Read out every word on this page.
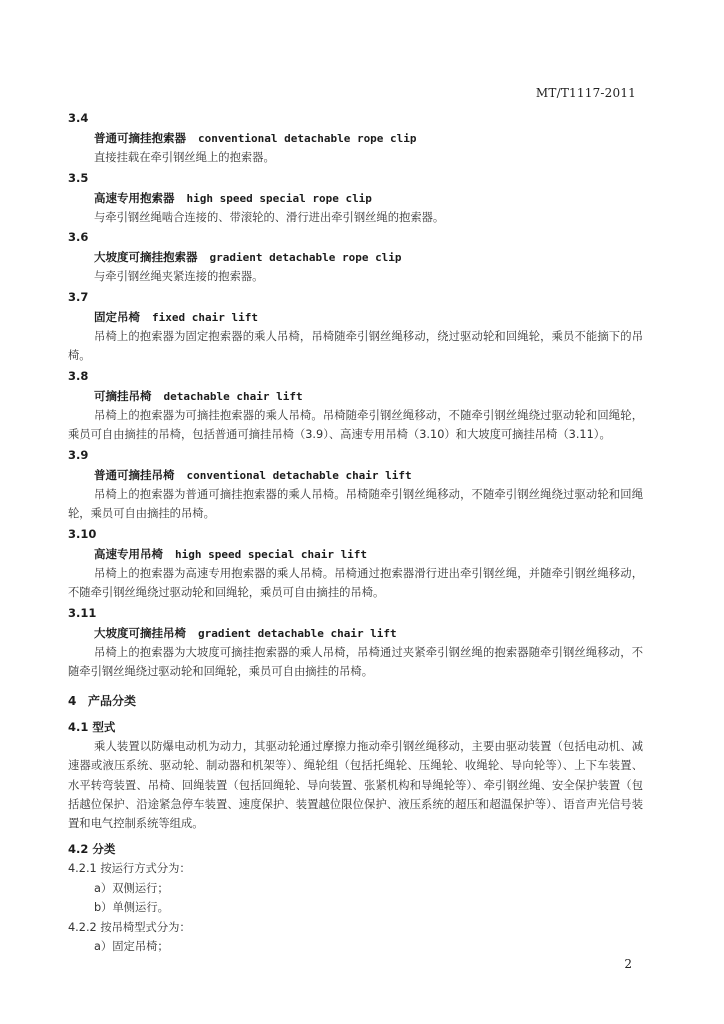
MT/T1117-2011
3.4
普通可摘挂抱索器 conventional detachable rope clip
直接挂载在牵引钢丝绳上的抱索器。
3.5
高速专用抱索器 high speed special rope clip
与牵引钢丝绳啮合连接的、带滚轮的、滑行进出牵引钢丝绳的抱索器。
3.6
大坡度可摘挂抱索器 gradient detachable rope clip
与牵引钢丝绳夹紧连接的抱索器。
3.7
固定吊椅 fixed chair lift
吊椅上的抱索器为固定抱索器的乘人吊椅，吊椅随牵引钢丝绳移动，绕过驱动轮和回绳轮，乘员不能摘下的吊椅。
3.8
可摘挂吊椅 detachable chair lift
吊椅上的抱索器为可摘挂抱索器的乘人吊椅。吊椅随牵引钢丝绳移动，不随牵引钢丝绳绕过驱动轮和回绳轮，乘员可自由摘挂的吊椅，包括普通可摘挂吊椅（3.9）、高速专用吊椅（3.10）和大坡度可摘挂吊椅（3.11）。
3.9
普通可摘挂吊椅 conventional detachable chair lift
吊椅上的抱索器为普通可摘挂抱索器的乘人吊椅。吊椅随牵引钢丝绳移动，不随牵引钢丝绳绕过驱动轮和回绳轮，乘员可自由摘挂的吊椅。
3.10
高速专用吊椅 high speed special chair lift
吊椅上的抱索器为高速专用抱索器的乘人吊椅。吊椅通过抱索器滑行进出牵引钢丝绳，并随牵引钢丝绳移动，不随牵引钢丝绳绕过驱动轮和回绳轮，乘员可自由摘挂的吊椅。
3.11
大坡度可摘挂吊椅 gradient detachable chair lift
吊椅上的抱索器为大坡度可摘挂抱索器的乘人吊椅，吊椅通过夹紧牵引钢丝绳的抱索器随牵引钢丝绳移动，不随牵引钢丝绳绕过驱动轮和回绳轮，乘员可自由摘挂的吊椅。
4 产品分类
4.1 型式
乘人装置以防爆电动机为动力，其驱动轮通过摩擦力拖动牵引钢丝绳移动，主要由驱动装置（包括电动机、减速器或液压系统、驱动轮、制动器和机架等）、绳轮组（包括托绳轮、压绳轮、收绳轮、导向轮等）、上下车装置、水平转弯装置、吊椅、回绳装置（包括回绳轮、导向装置、张紧机构和导绳轮等）、牵引钢丝绳、安全保护装置（包括越位保护、沿途紧急停车装置、速度保护、装置越位限位保护、液压系统的超压和超温保护等）、语音声光信号装置和电气控制系统等组成。
4.2 分类
4.2.1 按运行方式分为：
a）双侧运行；
b）单侧运行。
4.2.2 按吊椅型式分为：
a）固定吊椅；
2
